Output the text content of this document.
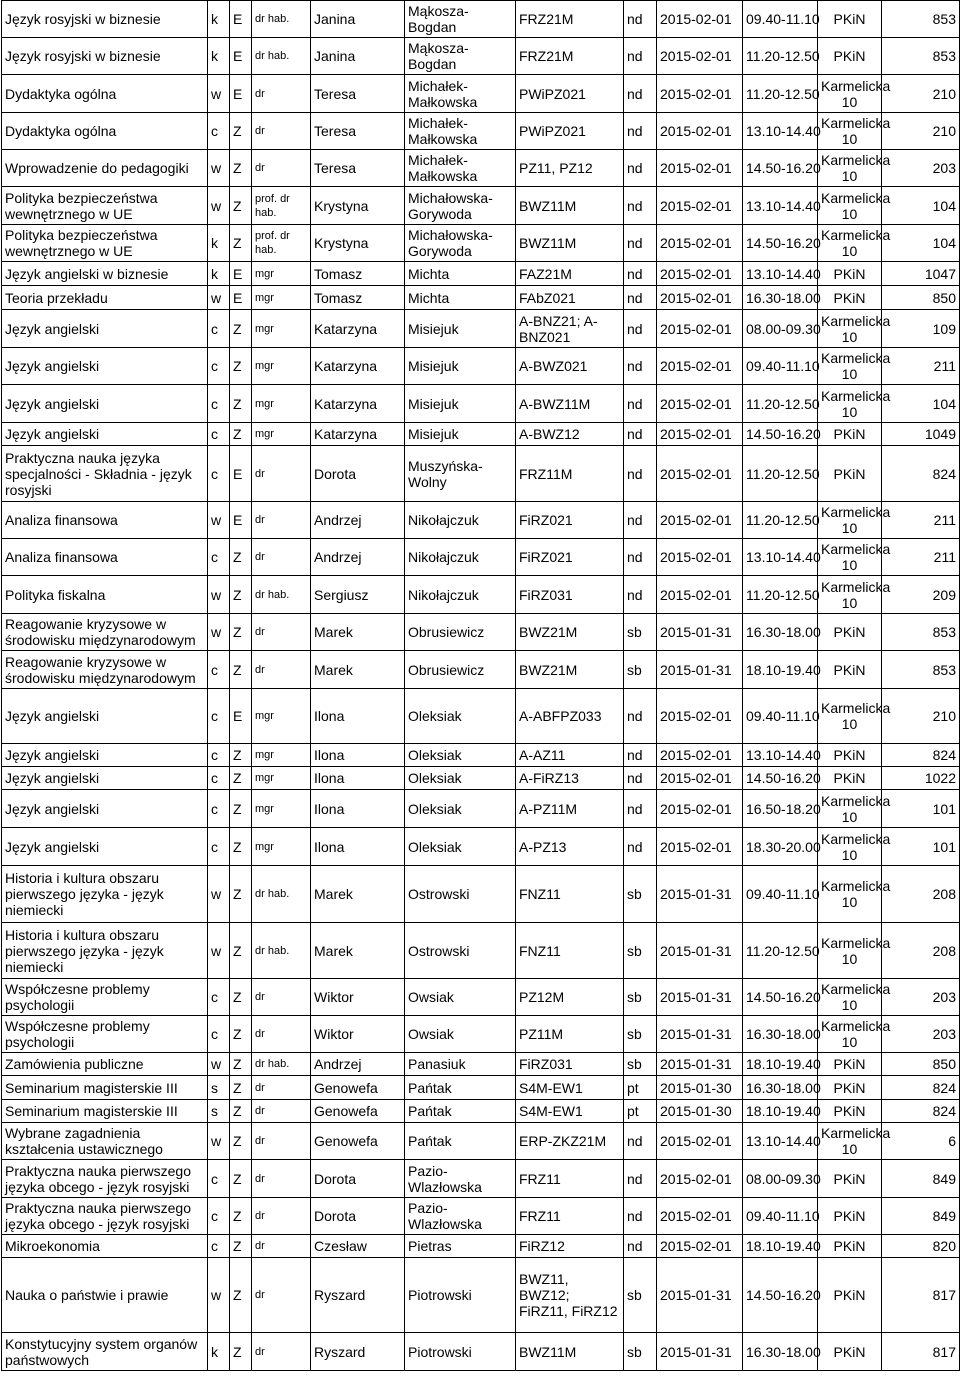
Język rosyjski w biznesie	k	E	dr hab.	Janina	Mąkosza-Bogdan	FRZ21M	nd	2015-02-01	09.40-11.10	PKiN	853
Język rosyjski w biznesie	k	E	dr hab.	Janina	Mąkosza-Bogdan	FRZ21M	nd	2015-02-01	11.20-12.50	PKiN	853
Dydaktyka ogólna	w	E	dr	Teresa	Michałek-Małkowska	PWiPZ021	nd	2015-02-01	11.20-12.50	Karmelicka 10	210
Dydaktyka ogólna	c	Z	dr	Teresa	Michałek-Małkowska	PWiPZ021	nd	2015-02-01	13.10-14.40	Karmelicka 10	210
Wprowadzenie do pedagogiki	w	Z	dr	Teresa	Michałek-Małkowska	PZ11, PZ12	nd	2015-02-01	14.50-16.20	Karmelicka 10	203
Polityka bezpieczeństwa wewnętrznego w UE	w	Z	prof. dr hab.	Krystyna	Michałowska-Gorywoda	BWZ11M	nd	2015-02-01	13.10-14.40	Karmelicka 10	104
Polityka bezpieczeństwa wewnętrznego w UE	k	Z	prof. dr hab.	Krystyna	Michałowska-Gorywoda	BWZ11M	nd	2015-02-01	14.50-16.20	Karmelicka 10	104
Język angielski w biznesie	k	E	mgr	Tomasz	Michta	FAZ21M	nd	2015-02-01	13.10-14.40	PKiN	1047
Teoria przekładu	w	E	mgr	Tomasz	Michta	FAbZ021	nd	2015-02-01	16.30-18.00	PKiN	850
Język angielski	c	Z	mgr	Katarzyna	Misiejuk	A-BNZ21; A-BNZ021	nd	2015-02-01	08.00-09.30	Karmelicka 10	109
Język angielski	c	Z	mgr	Katarzyna	Misiejuk	A-BWZ021	nd	2015-02-01	09.40-11.10	Karmelicka 10	211
Język angielski	c	Z	mgr	Katarzyna	Misiejuk	A-BWZ11M	nd	2015-02-01	11.20-12.50	Karmelicka 10	104
Język angielski	c	Z	mgr	Katarzyna	Misiejuk	A-BWZ12	nd	2015-02-01	14.50-16.20	PKiN	1049
Praktyczna nauka języka specjalności - Składnia - język rosyjski	c	E	dr	Dorota	Muszyńska-Wolny	FRZ11M	nd	2015-02-01	11.20-12.50	PKiN	824
Analiza finansowa	w	E	dr	Andrzej	Nikołajczuk	FiRZ021	nd	2015-02-01	11.20-12.50	Karmelicka 10	211
Analiza finansowa	c	Z	dr	Andrzej	Nikołajczuk	FiRZ021	nd	2015-02-01	13.10-14.40	Karmelicka 10	211
Polityka fiskalna	w	Z	dr hab.	Sergiusz	Nikołajczuk	FiRZ031	nd	2015-02-01	11.20-12.50	Karmelicka 10	209
Reagowanie kryzysowe w środowisku międzynarodowym	w	Z	dr	Marek	Obrusiewicz	BWZ21M	sb	2015-01-31	16.30-18.00	PKiN	853
Reagowanie kryzysowe w środowisku międzynarodowym	c	Z	dr	Marek	Obrusiewicz	BWZ21M	sb	2015-01-31	18.10-19.40	PKiN	853
Język angielski	c	E	mgr	Ilona	Oleksiak	A-ABFPZ033	nd	2015-02-01	09.40-11.10	Karmelicka 10	210
Język angielski	c	Z	mgr	Ilona	Oleksiak	A-AZ11	nd	2015-02-01	13.10-14.40	PKiN	824
Język angielski	c	Z	mgr	Ilona	Oleksiak	A-FiRZ13	nd	2015-02-01	14.50-16.20	PKiN	1022
Język angielski	c	Z	mgr	Ilona	Oleksiak	A-PZ11M	nd	2015-02-01	16.50-18.20	Karmelicka 10	101
Język angielski	c	Z	mgr	Ilona	Oleksiak	A-PZ13	nd	2015-02-01	18.30-20.00	Karmelicka 10	101
Historia i kultura obszaru pierwszego języka - język niemiecki	w	Z	dr hab.	Marek	Ostrowski	FNZ11	sb	2015-01-31	09.40-11.10	Karmelicka 10	208
Historia i kultura obszaru pierwszego języka - język niemiecki	w	Z	dr hab.	Marek	Ostrowski	FNZ11	sb	2015-01-31	11.20-12.50	Karmelicka 10	208
Współczesne problemy psychologii	c	Z	dr	Wiktor	Owsiak	PZ12M	sb	2015-01-31	14.50-16.20	Karmelicka 10	203
Współczesne problemy psychologii	c	Z	dr	Wiktor	Owsiak	PZ11M	sb	2015-01-31	16.30-18.00	Karmelicka 10	203
Zamówienia publiczne	w	Z	dr hab.	Andrzej	Panasiuk	FiRZ031	sb	2015-01-31	18.10-19.40	PKiN	850
Seminarium magisterskie III	s	Z	dr	Genowefa	Pańtak	S4M-EW1	pt	2015-01-30	16.30-18.00	PKiN	824
Seminarium magisterskie III	s	Z	dr	Genowefa	Pańtak	S4M-EW1	pt	2015-01-30	18.10-19.40	PKiN	824
Wybrane zagadnienia kształcenia ustawicznego	w	Z	dr	Genowefa	Pańtak	ERP-ZKZ21M	nd	2015-02-01	13.10-14.40	Karmelicka 10	6
Praktyczna nauka pierwszego języka obcego - język rosyjski	c	Z	dr	Dorota	Pazio-Wlazłowska	FRZ11	nd	2015-02-01	08.00-09.30	PKiN	849
Praktyczna nauka pierwszego języka obcego - język rosyjski	c	Z	dr	Dorota	Pazio-Wlazłowska	FRZ11	nd	2015-02-01	09.40-11.10	PKiN	849
Mikroekonomia	c	Z	dr	Czesław	Pietras	FiRZ12	nd	2015-02-01	18.10-19.40	PKiN	820
Nauka o państwie i prawie	w	Z	dr	Ryszard	Piotrowski	BWZ11, BWZ12; FiRZ11, FiRZ12	sb	2015-01-31	14.50-16.20	PKiN	817
Konstytucyjny system organów państwowych	k	Z	dr	Ryszard	Piotrowski	BWZ11M	sb	2015-01-31	16.30-18.00	PKiN	817
